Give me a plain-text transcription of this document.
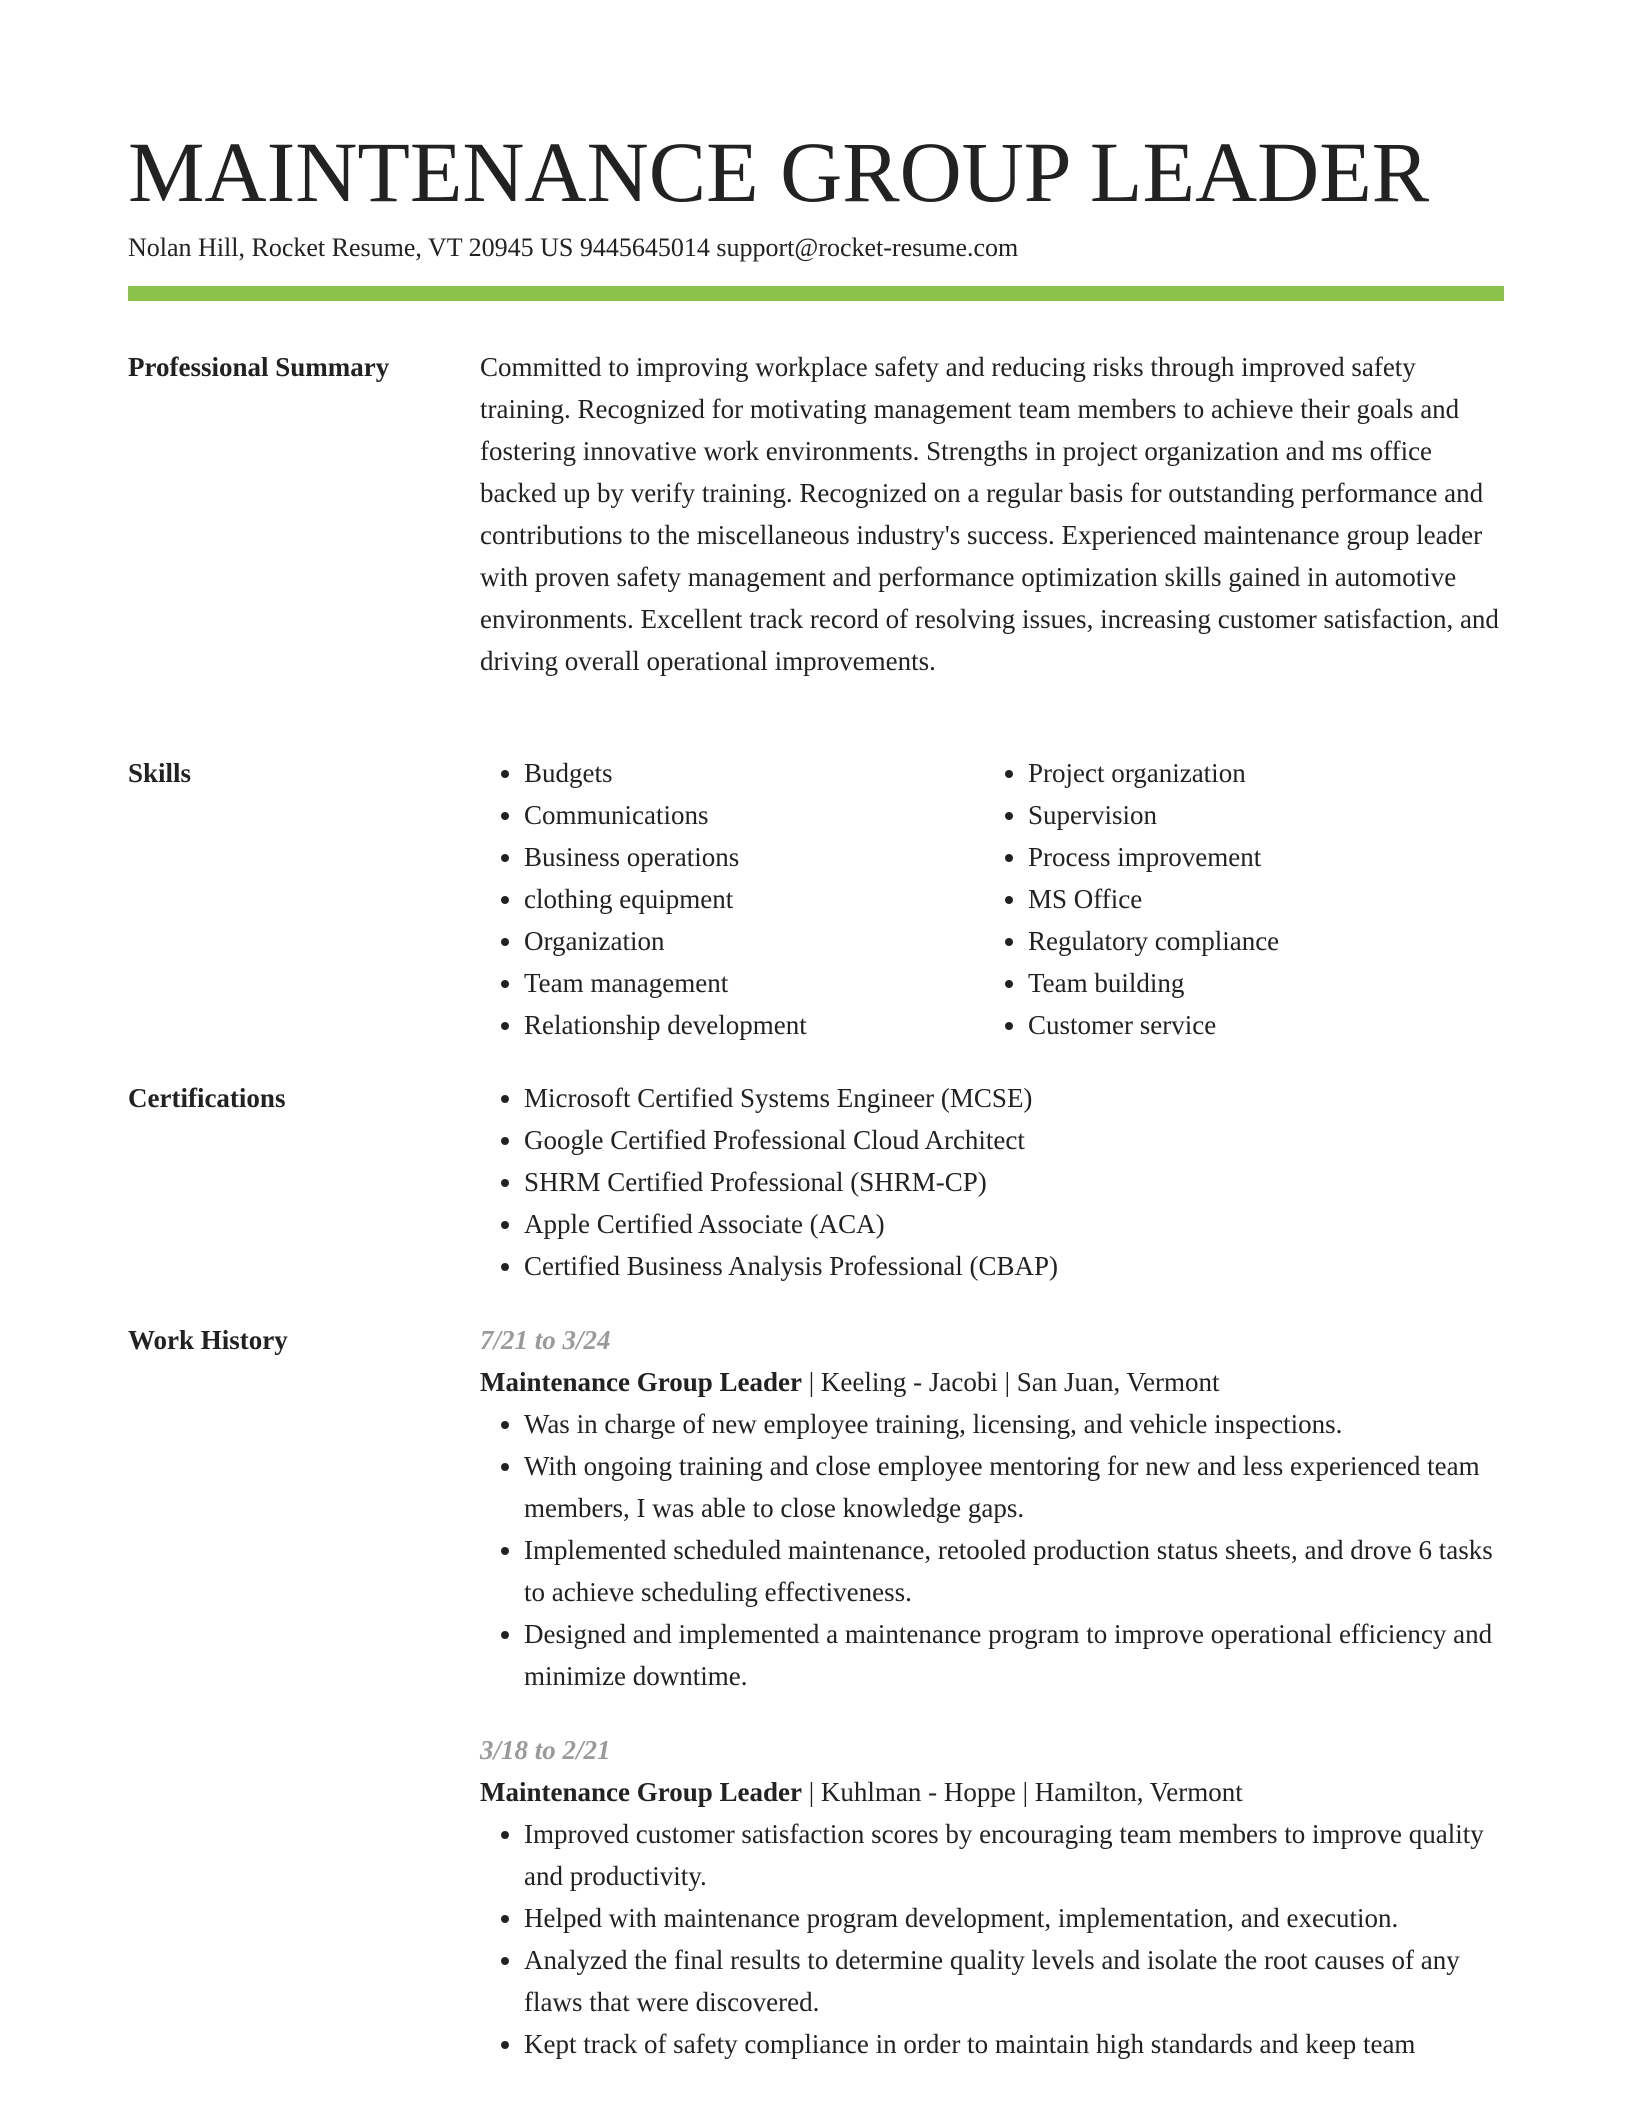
MAINTENANCE GROUP LEADER
Nolan Hill, Rocket Resume, VT 20945 US 9445645014 support@rocket-resume.com
Professional Summary	Committed to improving workplace safety and reducing risks through improved safety training. Recognized for motivating management team members to achieve their goals and fostering innovative work environments. Strengths in project organization and ms office backed up by verify training. Recognized on a regular basis for outstanding performance and contributions to the miscellaneous industry's success. Experienced maintenance group leader with proven safety management and performance optimization skills gained in automotive environments. Excellent track record of resolving issues, increasing customer satisfaction, and driving overall operational improvements.

Skills	• Budgets
• Communications
• Business operations
• clothing equipment
• Organization
• Team management
• Relationship development
• Project organization
• Supervision
• Process improvement
• MS Office
• Regulatory compliance
• Team building
• Customer service
Certifications	• Microsoft Certified Systems Engineer (MCSE)
• Google Certified Professional Cloud Architect
• SHRM Certified Professional (SHRM-CP)
• Apple Certified Associate (ACA)
• Certified Business Analysis Professional (CBAP)
Work History	7/21 to 3/24
Maintenance Group Leader | Keeling - Jacobi | San Juan, Vermont
• Was in charge of new employee training, licensing, and vehicle inspections.
• With ongoing training and close employee mentoring for new and less experienced team members, I was able to close knowledge gaps.
• Implemented scheduled maintenance, retooled production status sheets, and drove 6 tasks to achieve scheduling effectiveness.
• Designed and implemented a maintenance program to improve operational efficiency and minimize downtime.
3/18 to 2/21
Maintenance Group Leader | Kuhlman - Hoppe | Hamilton, Vermont
• Improved customer satisfaction scores by encouraging team members to improve quality and productivity.
• Helped with maintenance program development, implementation, and execution.
• Analyzed the final results to determine quality levels and isolate the root causes of any flaws that were discovered.
• Kept track of safety compliance in order to maintain high standards and keep team
